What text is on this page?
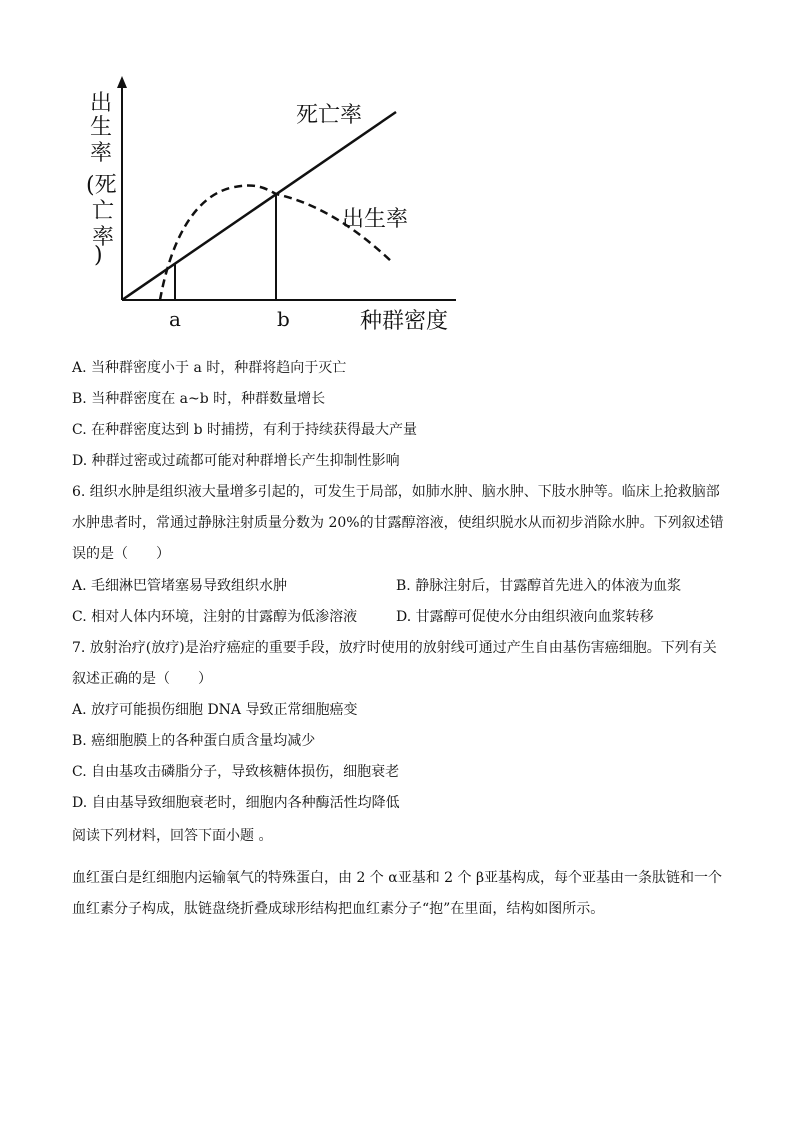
出
生
率
(死
亡
率
)
死亡率
出生率
a	b	种群密度
A. 当种群密度小于 a 时，种群将趋向于灭亡
B. 当种群密度在 a~b 时，种群数量增长
C. 在种群密度达到 b 时捕捞，有利于持续获得最大产量
D. 种群过密或过疏都可能对种群增长产生抑制性影响
6. 组织水肿是组织液大量增多引起的，可发生于局部，如肺水肿、脑水肿、下肢水肿等。临床上抢救脑部
水肿患者时，常通过静脉注射质量分数为 20%的甘露醇溶液，使组织脱水从而初步消除水肿。下列叙述错
误的是（　　）
A. 毛细淋巴管堵塞易导致组织水肿	B. 静脉注射后，甘露醇首先进入的体液为血浆
C. 相对人体内环境，注射的甘露醇为低渗溶液	D. 甘露醇可促使水分由组织液向血浆转移
7. 放射治疗(放疗)是治疗癌症的重要手段，放疗时使用的放射线可通过产生自由基伤害癌细胞。下列有关
叙述正确的是（　　）
A. 放疗可能损伤细胞 DNA 导致正常细胞癌变
B. 癌细胞膜上的各种蛋白质含量均减少
C. 自由基攻击磷脂分子，导致核糖体损伤，细胞衰老
D. 自由基导致细胞衰老时，细胞内各种酶活性均降低
阅读下列材料，回答下面小题 。
血红蛋白是红细胞内运输氧气的特殊蛋白，由 2 个 α亚基和 2 个 β亚基构成，每个亚基由一条肽链和一个
血红素分子构成，肽链盘绕折叠成球形结构把血红素分子“抱”在里面，结构如图所示。
